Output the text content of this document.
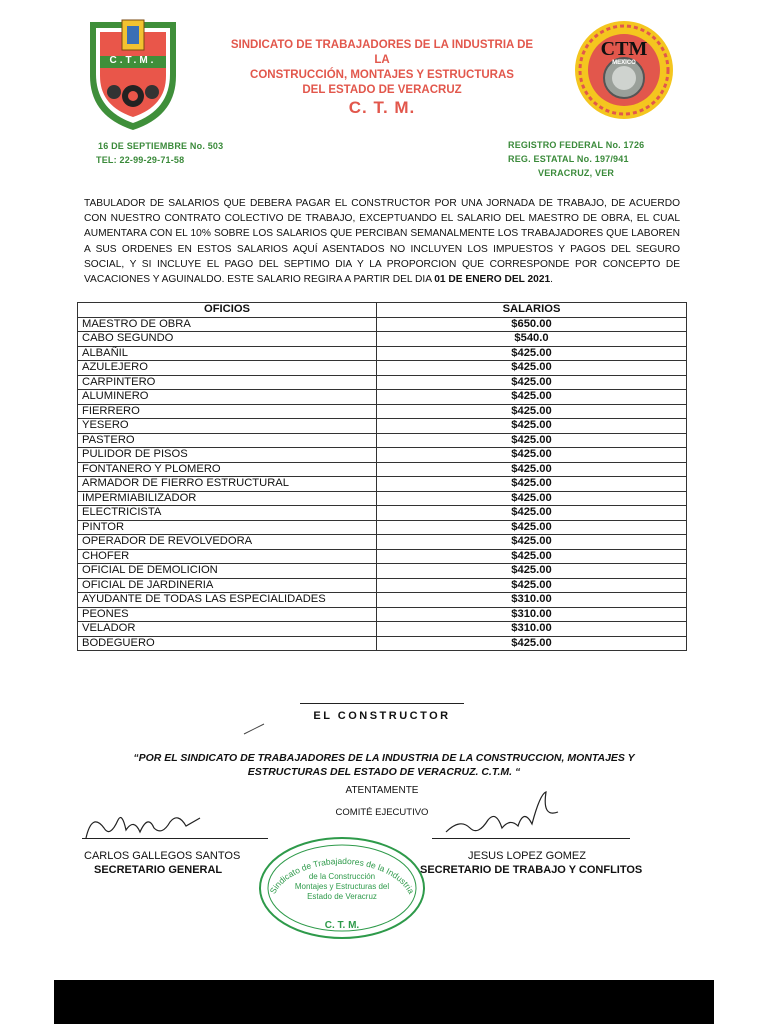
C.T.M.
SINDICATO DE TRABAJADORES DE LA INDUSTRIA DE LA
CONSTRUCCIÓN, MONTAJES Y ESTRUCTURAS
DEL ESTADO DE VERACRUZ
C. T. M.
CTM
MEXICO
16 DE SEPTIEMBRE No. 503
TEL: 22-99-29-71-58
REGISTRO FEDERAL No. 1726
REG. ESTATAL No. 197/941
VERACRUZ, VER
TABULADOR DE SALARIOS QUE DEBERA PAGAR EL CONSTRUCTOR POR UNA JORNADA DE TRABAJO, DE ACUERDO CON NUESTRO CONTRATO COLECTIVO DE TRABAJO, EXCEPTUANDO EL SALARIO DEL MAESTRO DE OBRA, EL CUAL AUMENTARA CON EL 10% SOBRE LOS SALARIOS QUE PERCIBAN SEMANALMENTE LOS TRABAJADORES QUE LABOREN A SUS ORDENES EN ESTOS SALARIOS AQUÍ ASENTADOS NO INCLUYEN LOS IMPUESTOS Y PAGOS DEL SEGURO SOCIAL, Y SI INCLUYE EL PAGO DEL SEPTIMO DIA Y LA PROPORCION QUE CORRESPONDE POR CONCEPTO DE VACACIONES Y AGUINALDO. ESTE SALARIO REGIRA A PARTIR DEL DIA 01 DE ENERO DEL 2021.
OFICIOS	SALARIOS
MAESTRO DE OBRA	$650.00
CABO SEGUNDO	$540.0
ALBAÑIL	$425.00
AZULEJERO	$425.00
CARPINTERO	$425.00
ALUMINERO	$425.00
FIERRERO	$425.00
YESERO	$425.00
PASTERO	$425.00
PULIDOR DE PISOS	$425.00
FONTANERO Y PLOMERO	$425.00
ARMADOR DE FIERRO ESTRUCTURAL	$425.00
IMPERMIABILIZADOR	$425.00
ELECTRICISTA	$425.00
PINTOR	$425.00
OPERADOR DE REVOLVEDORA	$425.00
CHOFER	$425.00
OFICIAL DE DEMOLICION	$425.00
OFICIAL DE JARDINERIA	$425.00
AYUDANTE DE TODAS LAS ESPECIALIDADES	$310.00
PEONES	$310.00
VELADOR	$310.00
BODEGUERO	$425.00
EL CONSTRUCTOR
“POR EL SINDICATO DE TRABAJADORES DE LA INDUSTRIA DE LA CONSTRUCCION, MONTAJES Y
ESTRUCTURAS DEL ESTADO DE VERACRUZ. C.T.M. “
ATENTAMENTE
COMITÉ EJECUTIVO
CARLOS GALLEGOS SANTOS
SECRETARIO GENERAL
JESUS LOPEZ GOMEZ
SECRETARIO DE TRABAJO Y CONFLITOS
Sindicato de Trabajadores de la Industria
de la Construcción
Montajes y Estructuras del
Estado de Veracruz
C. T. M.
